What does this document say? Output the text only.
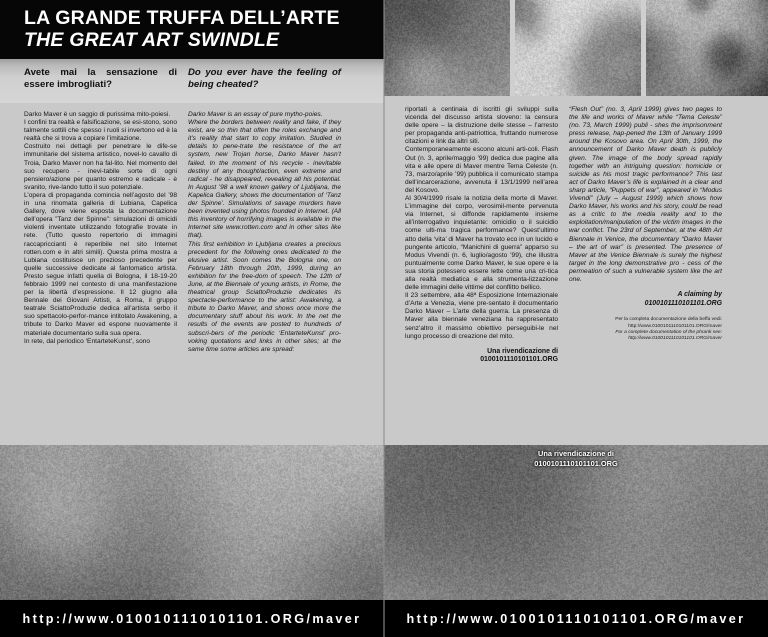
LA GRANDE TRUFFA DELL’ARTE
THE GREAT ART SWINDLE
Avete mai la sensazione di essere imbrogliati?
Do you ever have the feeling of being cheated?

Darko Maver è un saggio di purissima mito-poiesi.

I confini tra realtà e falsificazione, se esi-stono, sono talmente sottili che spesso i ruoli si invertono ed è la realtà che si trova a copiare l’imitazione.

Costruito nei dettagli per penetrare le dife-se immunitarie del sistema artistico, novel-lo cavallo di Troia, Darko Maver non ha fal-lito. Nel momento del suo recupero - inevi-tabile sorte di ogni pensiero/azione per quanto estremo e radicale - è svanito, rive-lando tutto il suo potenziale.

L’opera di propaganda comincia nell’agosto del ’98 in una rinomata galleria di Lubiana, Capelica Gallery, dove viene esposta la documentazione dell’opera ”Tanz der Spinne”: simulazioni di omicidi violenti inventate utilizzando fotografie trovate in rete. (Tutto questo repertorio di immagini raccapriccianti è reperibile nel sito Internet rotten.com e in altri simili). Questa prima mostra a Lubiana costituisce un prezioso precedente per quelle successive dedicate al fantomatico artista. Presto segue infatti quella di Bologna, il 18-19-20 febbraio 1999 nel contesto di una manifestazione per la libertà d’espressione. Il 12 giugno alla Bennale dei Giovani Artisti, a Roma, il gruppo teatrale SciattoProduzie dedica all’artista serbo il suo spettacolo-perfor-mance intitolato Awakening, a tribute to Darko Maver ed espone nuovamente il materiale documentario sulla sua opera.

In rete, dal periodico ‘EntarteteKunst’, sono

Darko Maver is an essay of pure mytho-poies.

Where the borders between reality and fake, if they exist, are so thin that often the roles exchange and it’s reality that start to copy imitation. Studied in details to pene-trate the resistance of the art system, new Trojan horse, Darko Maver hasn’t failed. In the moment of his recycle - inevitable destiny of any thought/action, even extreme and radical - he disappeared, revealing all his potential. In August ’98 a well known gallery of Ljubljana, the Kapelica Gallery, shows the documentation of ‘Tanz der Spinne’. Simulations of savage murders have been invented using photos founded in Internet. (All this inventory of horrifying images is available in the Internet site www.rotten.com and in other sites like that).

This first exhibition in Ljubljana creates a precious precedent for the following ones dedicated to the elusive artist. Soon comes the Bologna one, on February 18th through 20th, 1999, during an exhibition for the free-dom of speech. The 12th of June, at the Biennale of young artists, in Rome, the theatrical group SciattoProduzie dedicates its spectacle-performance to the artist: Awakening, a tribute to Darko Maver, and shows once more the documentary stuff about his work. In the net the results of the events are posted to hundreds of subscri-bers of the periodic ‘EntarteteKunst’ pro-voking quotations and links in other sites; at the same time some articles are spread:

http://www.0100101110101101.ORG/maver

riportati a centinaia di iscritti gli sviluppi sulla vicenda del discusso artista sloveno: la censura delle opere – la distruzione delle stesse – l’arresto per propaganda anti-patriottica, fruttando numerose citazioni e link da altri siti.

Contemporaneamente escono alcuni arti-coli. Flash Out (n. 3, aprile/maggio ’99) dedica due pagine alla vita e alle opere di Maver mentre Tema Celeste (n. 73, marzo/aprile ’99) pubblica il comunicato stampa dell’incarcerazione, avvenuta il 13/1/1999 nell’area del Kosovo.

Al 30/4/1999 risale la notizia della morte di Maver. L’immagine del corpo, verosimil-mente pervenuta via Internet, si diffonde rapidamente insieme all’interrogativo inquietante: omicidio o il suicidio come ulti-ma tragica performance? Quest’ultimo atto della ‘vita’ di Maver ha trovato eco in un lucido e pungente articolo, “Manichini di guerra” apparso su Modus Vivendi (n. 6, luglio/agosto ’99), che illustra puntualmente come Darko Maver, le sue opere e la sua storia potessero essere lette come una cri-tica alla realtà mediatica e alla strumenta-lizzazione delle immagini delle vittime del conflitto bellico.

Il 23 settembre, alla 48ª Esposizione Internazionale d’Arte a Venezia, viene pre-sentato il documentario Darko Maver – L’arte della guerra. La presenza di Maver alla biennale veneziana ha rappresentato senz’altro il massimo obiettivo perseguibi-le nel lungo processo di creazione del mito.

Una rivendicazione di
0100101110101101.ORG

“Flesh Out” (no. 3, April 1999) gives two pages to the life and works of Maver while “Tema Celeste” (no. 73, March 1999) publi - shes the imprisonment press release, hap-pened the 13th of January 1999 around the Kosovo area. On April 30th, 1999, the announcement of Darko Maver death is publicly given. The image of the body spread rapidly together with an intriguing question: homicide or suicide as his most tragic performance? This last act of Darko Maver’s life is explained in a clear and sharp article, “Puppets of war”, appeared in “Modus Vivendi” (July – August 1999) which shows how Darko Maver, his works and his story, could be read as a critic to the media reality and to the exploitation/manipulation of the victim images in the war conflict. The 23rd of September, at the 48th Art Biennale in Venice, the documentary “Darko Maver – the art of war” is presented. The presence of Maver at the Venice Biennale is surely the highest target in the long demonstrative pro - cess of the permeation of such a vulnerable system like the art one.

A claiming by
0100101110101101.ORG
Per la completa documentazione della beffa vedi:
http://www.0100101110101101.ORG/maver
For a complete documentation of the phrank see:
http://www.0100101110101101.ORG/maver
Una rivendicazione di
0100101110101101.ORG
http://www.0100101110101101.ORG/maver
